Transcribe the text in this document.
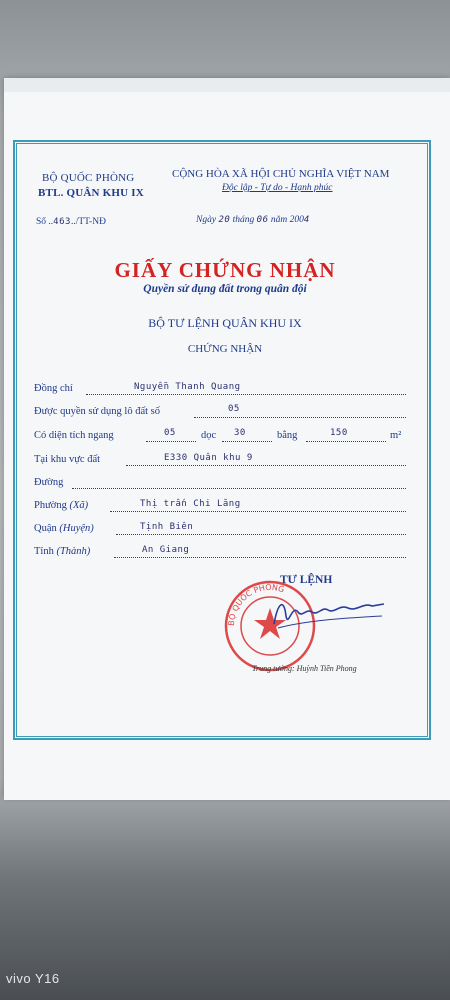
BỘ QUỐC PHÒNG
BTL. QUÂN KHU IX
Số ..463../TT-NĐ
CỘNG HÒA XÃ HỘI CHỦ NGHĨA VIỆT NAM
Độc lập - Tự do - Hạnh phúc
Ngày 20 tháng 06 năm 2004
GIẤY CHỨNG NHẬN
Quyền sử dụng đất trong quân đội
BỘ TƯ LỆNH QUÂN KHU IX
CHỨNG NHẬN
Đồng chí	Nguyễn Thanh Quang
Được quyền sử dụng lô đất số	05
Có diện tích ngang	05 dọc 30	bằng	150	m²
Tại khu vực đất	E330 Quân khu 9
Đường
Phường (Xã)	Thị trấn Chi Lăng
Quận (Huyện)	Tịnh Biên
Tỉnh (Thành)	An Giang
TƯ LỆNH
BỘ QUỐC PHÒNG
Trung tướng: Huỳnh Tiền Phong
vivo Y16
